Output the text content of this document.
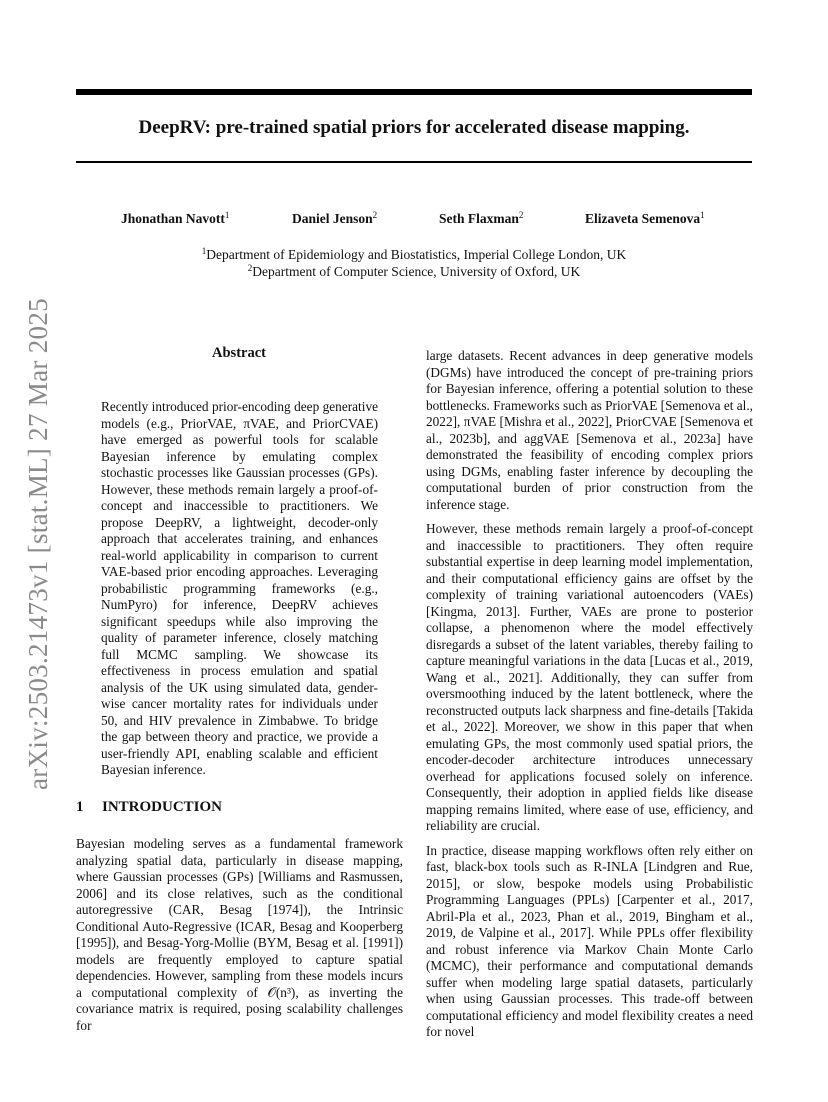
DeepRV: pre-trained spatial priors for accelerated disease mapping.
Jhonathan Navott$^1$	Daniel Jenson$^2$	Seth Flaxman$^2$	Elizaveta Semenova$^1$
$^1$Department of Epidemiology and Biostatistics, Imperial College London, UK
$^2$Department of Computer Science, University of Oxford, UK
arXiv:2503.21473v1 [stat.ML] 27 Mar 2025	Abstract

Recently introduced prior-encoding deep generative models (e.g., PriorVAE, πVAE, and PriorCVAE) have emerged as powerful tools for scalable Bayesian inference by emulating complex stochastic processes like Gaussian processes (GPs). However, these methods remain largely a proof-of-concept and inaccessible to practitioners. We propose DeepRV, a lightweight, decoder-only approach that accelerates training, and enhances real-world applicability in comparison to current VAE-based prior encoding approaches. Leveraging probabilistic programming frameworks (e.g., NumPyro) for inference, DeepRV achieves significant speedups while also improving the quality of parameter inference, closely matching full MCMC sampling. We showcase its effectiveness in process emulation and spatial analysis of the UK using simulated data, gender-wise cancer mortality rates for individuals under 50, and HIV prevalence in Zimbabwe. To bridge the gap between theory and practice, we provide a user-friendly API, enabling scalable and efficient Bayesian inference.

1 INTRODUCTION

Bayesian modeling serves as a fundamental framework analyzing spatial data, particularly in disease mapping, where Gaussian processes (GPs) [Williams and Rasmussen, 2006] and its close relatives, such as the conditional autoregressive (CAR, Besag [1974]), the Intrinsic Conditional Auto-Regressive (ICAR, Besag and Kooperberg [1995]), and Besag-Yorg-Mollie (BYM, Besag et al. [1991]) models are frequently employed to capture spatial dependencies. However, sampling from these models incurs a computational complexity of 𝒪(n³), as inverting the covariance matrix is required, posing scalability challenges for

large datasets. Recent advances in deep generative models (DGMs) have introduced the concept of pre-training priors for Bayesian inference, offering a potential solution to these bottlenecks. Frameworks such as PriorVAE [Semenova et al., 2022], πVAE [Mishra et al., 2022], PriorCVAE [Semenova et al., 2023b], and aggVAE [Semenova et al., 2023a] have demonstrated the feasibility of encoding complex priors using DGMs, enabling faster inference by decoupling the computational burden of prior construction from the inference stage.

However, these methods remain largely a proof-of-concept and inaccessible to practitioners. They often require substantial expertise in deep learning model implementation, and their computational efficiency gains are offset by the complexity of training variational autoencoders (VAEs) [Kingma, 2013]. Further, VAEs are prone to posterior collapse, a phenomenon where the model effectively disregards a subset of the latent variables, thereby failing to capture meaningful variations in the data [Lucas et al., 2019, Wang et al., 2021]. Additionally, they can suffer from oversmoothing induced by the latent bottleneck, where the reconstructed outputs lack sharpness and fine-details [Takida et al., 2022]. Moreover, we show in this paper that when emulating GPs, the most commonly used spatial priors, the encoder-decoder architecture introduces unnecessary overhead for applications focused solely on inference. Consequently, their adoption in applied fields like disease mapping remains limited, where ease of use, efficiency, and reliability are crucial.

In practice, disease mapping workflows often rely either on fast, black-box tools such as R-INLA [Lindgren and Rue, 2015], or slow, bespoke models using Probabilistic Programming Languages (PPLs) [Carpenter et al., 2017, Abril-Pla et al., 2023, Phan et al., 2019, Bingham et al., 2019, de Valpine et al., 2017]. While PPLs offer flexibility and robust inference via Markov Chain Monte Carlo (MCMC), their performance and computational demands suffer when modeling large spatial datasets, particularly when using Gaussian processes. This trade-off between computational efficiency and model flexibility creates a need for novel
